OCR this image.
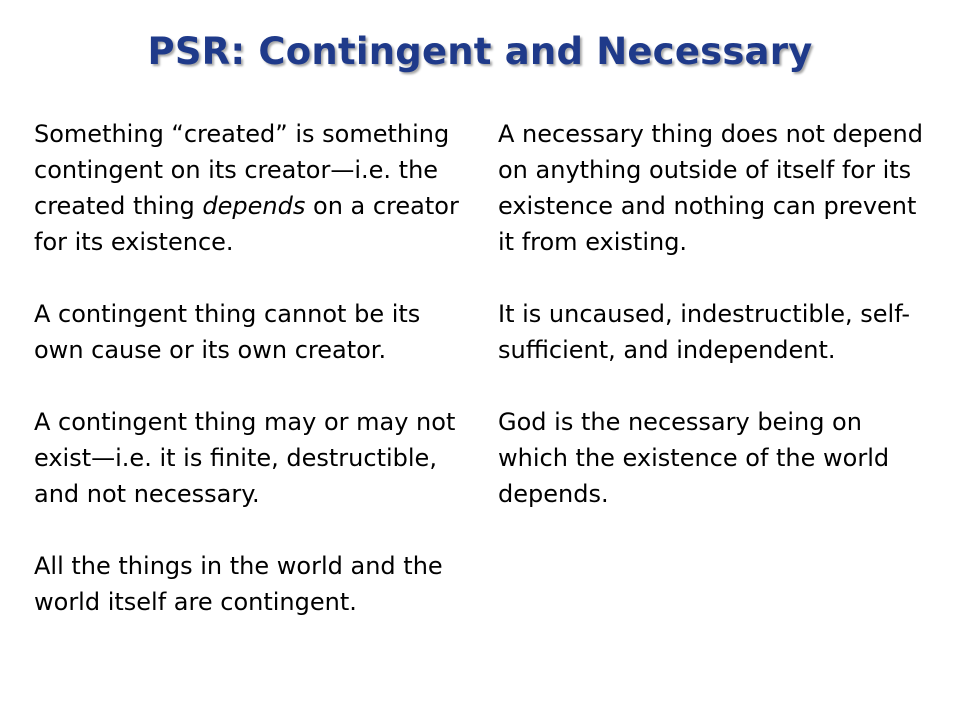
PSR: Contingent and Necessary

Something “created” is something contingent on its creator—i.e. the created thing depends on a creator for its existence.

A contingent thing cannot be its own cause or its own creator.

A contingent thing may or may not exist—i.e. it is finite, destructible, and not necessary.

All the things in the world and the world itself are contingent.

A necessary thing does not depend on anything outside of itself for its existence and nothing can prevent it from existing.

It is uncaused, indestructible, self-sufficient, and independent.

God is the necessary being on which the existence of the world depends.
